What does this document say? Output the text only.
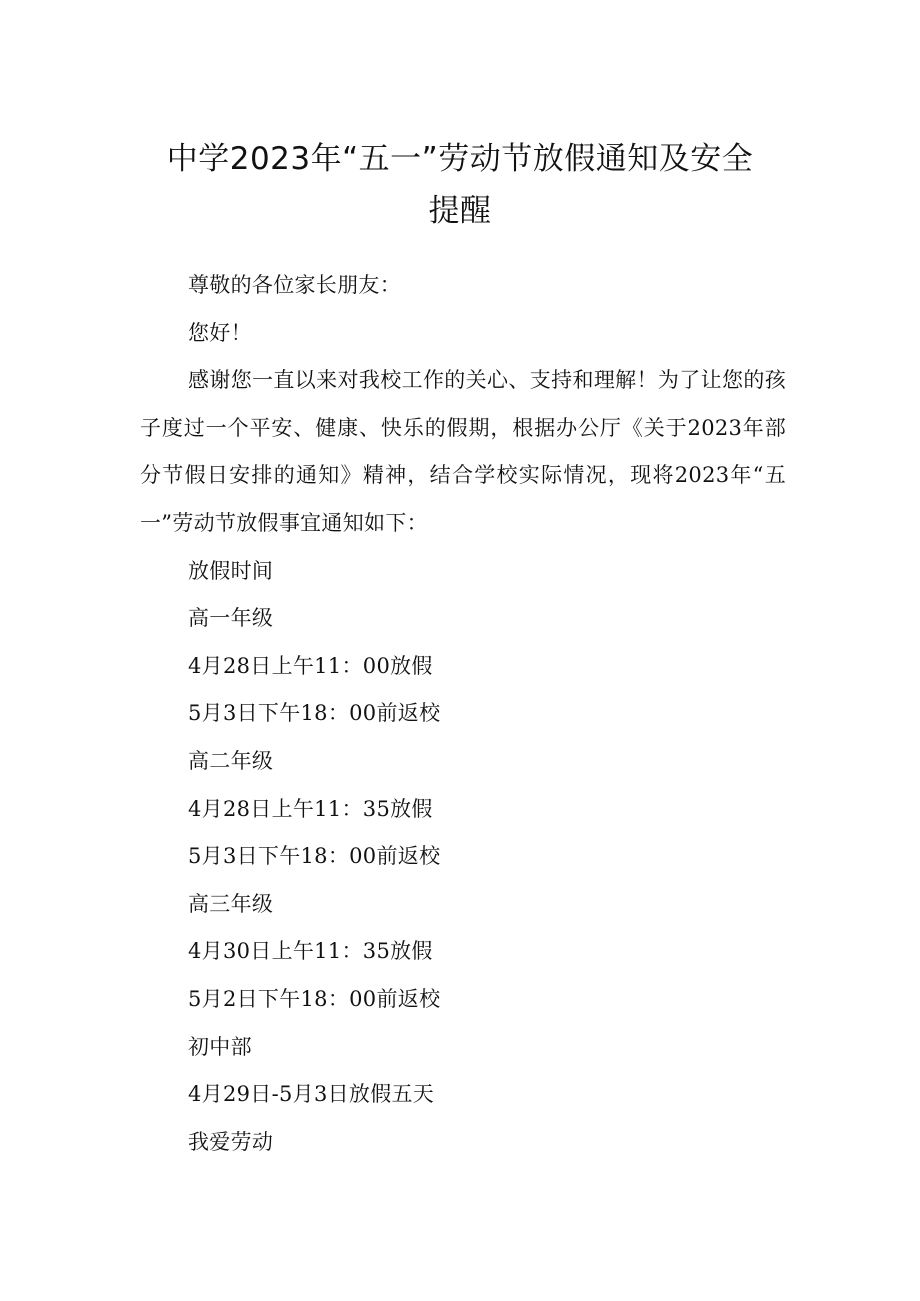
中学2023年“五一”劳动节放假通知及安全
提醒

尊敬的各位家长朋友：

您好！

感谢您一直以来对我校工作的关心、支持和理解！为了让您的孩子度过一个平安、健康、快乐的假期，根据办公厅《关于2023年部分节假日安排的通知》精神，结合学校实际情况，现将2023年“五一”劳动节放假事宜通知如下：

放假时间

高一年级

4月28日上午11：00放假

5月3日下午18：00前返校

高二年级

4月28日上午11：35放假

5月3日下午18：00前返校

高三年级

4月30日上午11：35放假

5月2日下午18：00前返校

初中部

4月29日-5月3日放假五天

我爱劳动
